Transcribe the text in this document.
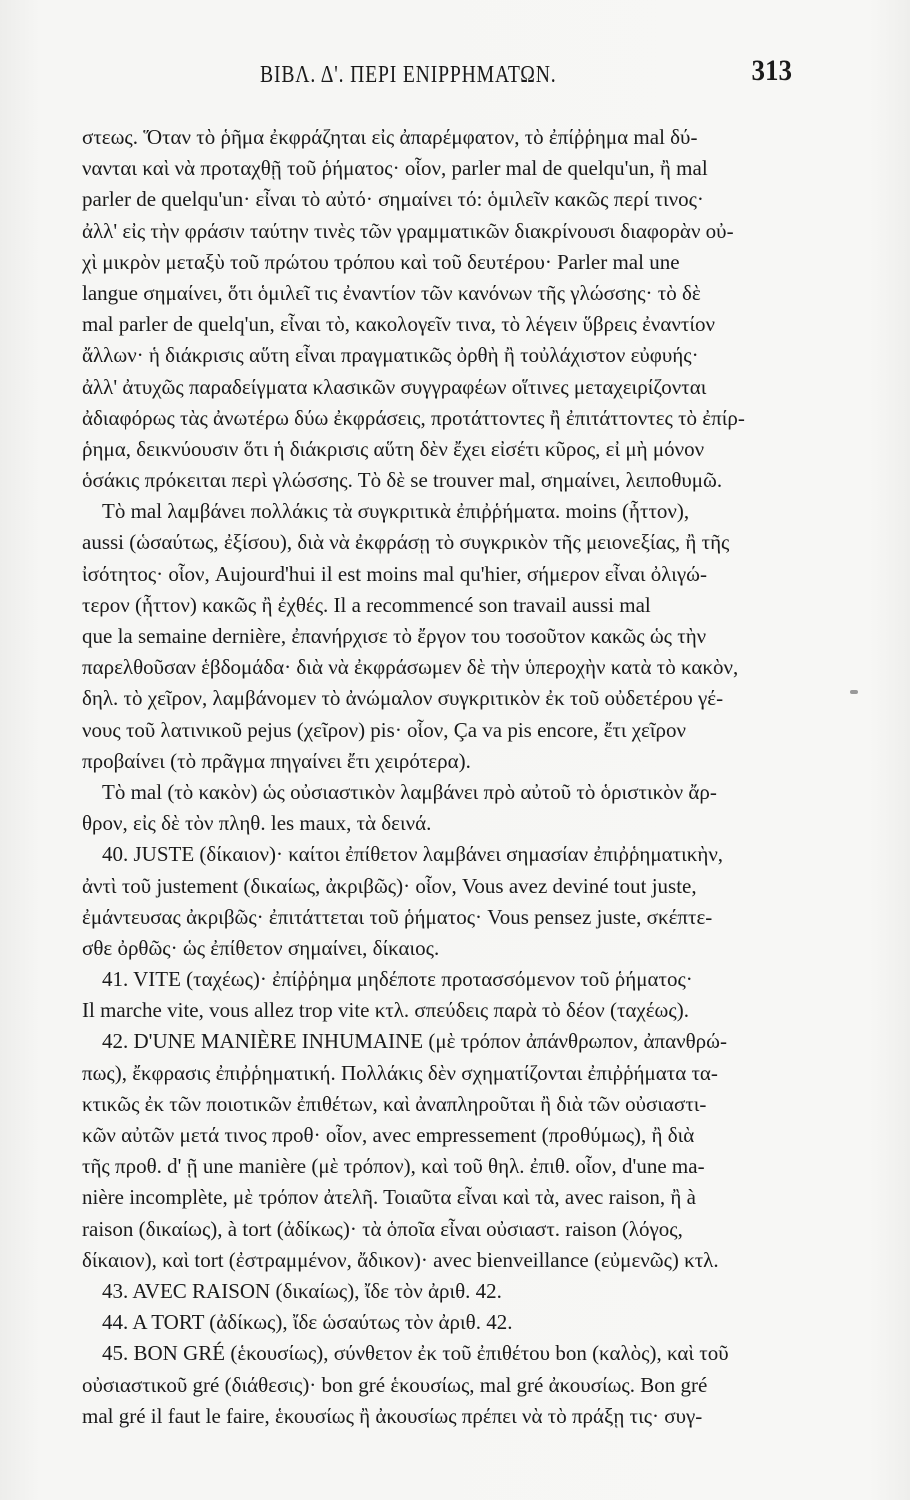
ΒΙΒΛ. Δ'. ΠΕΡΙ ΕΝΙΡΡΗΜΑΤΩΝ.	313
στεως. Ὅταν τὸ ῥῆμα ἐκφράζηται εἰς ἀπαρέμφατον, τὸ ἐπίῤῥημα mal δύ-
νανται καὶ νὰ προταχθῇ τοῦ ῥήματος· οἷον, parler mal de quelqu'un, ἢ mal
parler de quelqu'un· εἶναι τὸ αὐτό· σημαίνει τό: ὁμιλεῖν κακῶς περί τινος·
ἀλλ' εἰς τὴν φράσιν ταύτην τινὲς τῶν γραμματικῶν διακρίνουσι διαφορὰν οὐ-
χὶ μικρὸν μεταξὺ τοῦ πρώτου τρόπου καὶ τοῦ δευτέρου· Parler mal une
langue σημαίνει, ὅτι ὁμιλεῖ τις ἐναντίον τῶν κανόνων τῆς γλώσσης· τὸ δὲ
mal parler de quelq'un, εἶναι τὸ, κακολογεῖν τινα, τὸ λέγειν ὕβρεις ἐναντίον
ἄλλων· ἡ διάκρισις αὕτη εἶναι πραγματικῶς ὀρθὴ ἢ τοὐλάχιστον εὐφυής·
ἀλλ' ἀτυχῶς παραδείγματα κλασικῶν συγγραφέων οἵτινες μεταχειρίζονται
ἀδιαφόρως τὰς ἀνωτέρω δύω ἐκφράσεις, προτάττοντες ἢ ἐπιτάττοντες τὸ ἐπίρ-
ῥημα, δεικνύουσιν ὅτι ἡ διάκρισις αὕτη δὲν ἔχει εἰσέτι κῦρος, εἰ μὴ μόνον
ὁσάκις πρόκειται περὶ γλώσσης. Τὸ δὲ se trouver mal, σημαίνει, λειποθυμῶ.
Τὸ mal λαμβάνει πολλάκις τὰ συγκριτικὰ ἐπιῤῥήματα. moins (ἧττον),
aussi (ὡσαύτως, ἐξίσου), διὰ νὰ ἐκφράσῃ τὸ συγκρικὸν τῆς μειονεξίας, ἢ τῆς
ἰσότητος· οἷον, Aujourd'hui il est moins mal qu'hier, σήμερον εἶναι ὀλιγώ-
τερον (ἧττον) κακῶς ἢ ἐχθές. Il a recommencé son travail aussi mal
que la semaine dernière, ἐπανήρχισε τὸ ἔργον του τοσοῦτον κακῶς ὡς τὴν
παρελθοῦσαν ἑβδομάδα· διὰ νὰ ἐκφράσωμεν δὲ τὴν ὑπεροχὴν κατὰ τὸ κακὸν,
δηλ. τὸ χεῖρον, λαμβάνομεν τὸ ἀνώμαλον συγκριτικὸν ἐκ τοῦ οὐδετέρου γέ-
νους τοῦ λατινικοῦ pejus (χεῖρον) pis· οἷον, Ça va pis encore, ἔτι χεῖρον
προβαίνει (τὸ πρᾶγμα πηγαίνει ἔτι χειρότερα).
Τὸ mal (τὸ κακὸν) ὡς οὐσιαστικὸν λαμβάνει πρὸ αὐτοῦ τὸ ὁριστικὸν ἄρ-
θρον, εἰς δὲ τὸν πληθ. les maux, τὰ δεινά.
40. JUSTE (δίκαιον)· καίτοι ἐπίθετον λαμβάνει σημασίαν ἐπιῤῥηματικὴν,
ἀντὶ τοῦ justement (δικαίως, ἀκριβῶς)· οἷον, Vous avez deviné tout juste,
ἐμάντευσας ἀκριβῶς· ἐπιτάττεται τοῦ ῥήματος· Vous pensez juste, σκέπτε-
σθε ὀρθῶς· ὡς ἐπίθετον σημαίνει, δίκαιος.
41. VITE (ταχέως)· ἐπίῤῥημα μηδέποτε προτασσόμενον τοῦ ῥήματος·
Il marche vite, vous allez trop vite κτλ. σπεύδεις παρὰ τὸ δέον (ταχέως).
42. D'UNE MANIÈRE INHUMAINE (μὲ τρόπον ἀπάνθρωπον, ἀπανθρώ-
πως), ἔκφρασις ἐπιῤῥηματική. Πολλάκις δὲν σχηματίζονται ἐπιῤῥήματα τα-
κτικῶς ἐκ τῶν ποιοτικῶν ἐπιθέτων, καὶ ἀναπληροῦται ἢ διὰ τῶν οὐσιαστι-
κῶν αὐτῶν μετά τινος προθ· οἷον, avec empressement (προθύμως), ἢ διὰ
τῆς προθ. d' ῇ une manière (μὲ τρόπον), καὶ τοῦ θηλ. ἐπιθ. οἷον, d'une ma-
nière incomplète, μὲ τρόπον ἀτελῆ. Τοιαῦτα εἶναι καὶ τὰ, avec raison, ἢ à
raison (δικαίως), à tort (ἀδίκως)· τὰ ὁποῖα εἶναι οὐσιαστ. raison (λόγος,
δίκαιον), καὶ tort (ἐστραμμένον, ἄδικον)· avec bienveillance (εὐμενῶς) κτλ.
43. AVEC RAISON (δικαίως), ἴδε τὸν ἀριθ. 42.
44. A TORT (ἀδίκως), ἴδε ὡσαύτως τὸν ἀριθ. 42.
45. BON GRÉ (ἑκουσίως), σύνθετον ἐκ τοῦ ἐπιθέτου bon (καλὸς), καὶ τοῦ
οὐσιαστικοῦ gré (διάθεσις)· bon gré ἑκουσίως, mal gré ἀκουσίως. Bon gré
mal gré il faut le faire, ἑκουσίως ἢ ἀκουσίως πρέπει νὰ τὸ πράξῃ τις· συγ-
